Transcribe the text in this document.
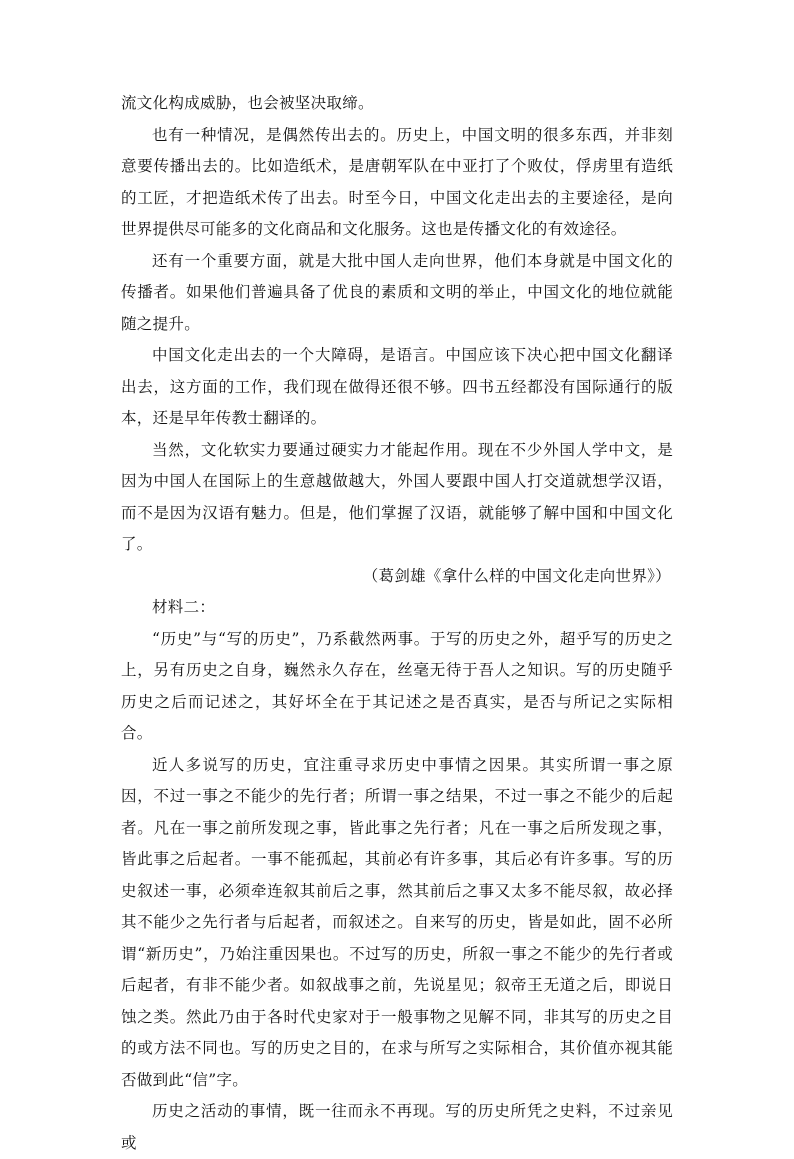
流文化构成威胁，也会被坚决取缔。

也有一种情况，是偶然传出去的。历史上，中国文明的很多东西，并非刻意要传播出去的。比如造纸术，是唐朝军队在中亚打了个败仗，俘虏里有造纸的工匠，才把造纸术传了出去。时至今日，中国文化走出去的主要途径，是向世界提供尽可能多的文化商品和文化服务。这也是传播文化的有效途径。

还有一个重要方面，就是大批中国人走向世界，他们本身就是中国文化的传播者。如果他们普遍具备了优良的素质和文明的举止，中国文化的地位就能随之提升。

中国文化走出去的一个大障碍，是语言。中国应该下决心把中国文化翻译出去，这方面的工作，我们现在做得还很不够。四书五经都没有国际通行的版本，还是早年传教士翻译的。

当然，文化软实力要通过硬实力才能起作用。现在不少外国人学中文，是因为中国人在国际上的生意越做越大，外国人要跟中国人打交道就想学汉语，而不是因为汉语有魅力。但是，他们掌握了汉语，就能够了解中国和中国文化了。

（葛剑雄《拿什么样的中国文化走向世界》）

材料二：

“历史”与“写的历史”，乃系截然两事。于写的历史之外，超乎写的历史之上，另有历史之自身，巍然永久存在，丝毫无待于吾人之知识。写的历史随乎历史之后而记述之，其好坏全在于其记述之是否真实，是否与所记之实际相合。

近人多说写的历史，宜注重寻求历史中事情之因果。其实所谓一事之原因，不过一事之不能少的先行者；所谓一事之结果，不过一事之不能少的后起者。凡在一事之前所发现之事，皆此事之先行者；凡在一事之后所发现之事，皆此事之后起者。一事不能孤起，其前必有许多事，其后必有许多事。写的历史叙述一事，必须牵连叙其前后之事，然其前后之事又太多不能尽叙，故必择其不能少之先行者与后起者，而叙述之。自来写的历史，皆是如此，固不必所谓“新历史”，乃始注重因果也。不过写的历史，所叙一事之不能少的先行者或后起者，有非不能少者。如叙战事之前，先说星见；叙帝王无道之后，即说日蚀之类。然此乃由于各时代史家对于一般事物之见解不同，非其写的历史之目的或方法不同也。写的历史之目的，在求与所写之实际相合，其价值亦视其能否做到此“信”字。

历史之活动的事情，既一往而永不再现。写的历史所凭之史料，不过亲见或
